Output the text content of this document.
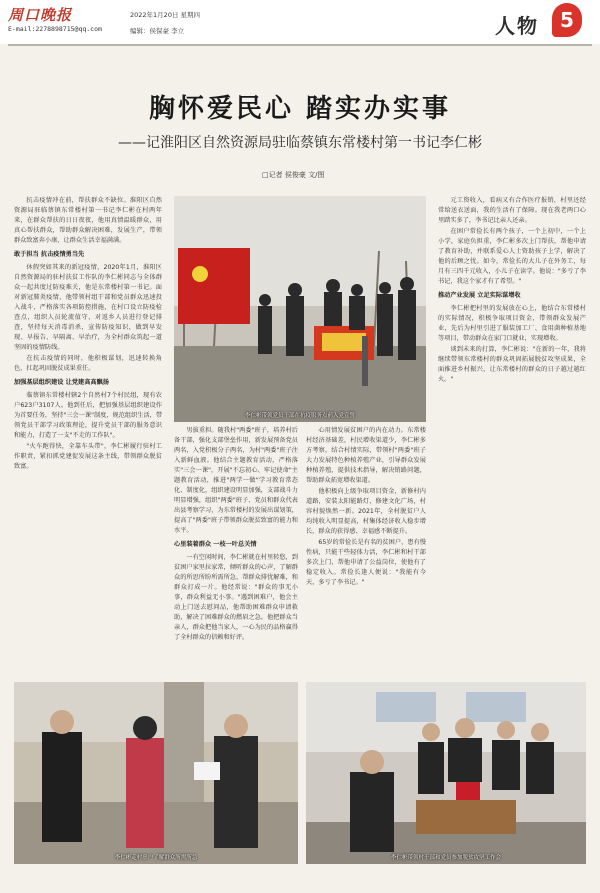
周口晚报
E-mail:2278898715@qq.com
2022年1月20日 星期四
编辑：侯保豪 李立	人物	5
胸怀爱民心 踏实办实事
——记淮阳区自然资源局驻临蔡镇东常楼村第一书记李仁彬
□记者 侯俊豪 文/图

抗击疫情冲在前，帮扶群众不缺位。淮阳区自然资源局驻临蔡镇东常楼村第一书记李仁彬在村两年来，在群众帮扶的日日夜夜，他用真情温暖群众，用真心帮扶群众，帮助群众解决困难，发展生产，带领群众致富奔小康，让群众生活幸福满满。

敢于担当 抗击疫情勇当先

休假突如其来的新冠疫情，2020年1月，淮阳区自然资源局的驻村扶贫工作队的李仁彬同志与全体群众一起共度过防疫难关，他是东常楼村第一书记。面对新冠肺炎疫情，他带领村组干部和党员群众迅速投入战斗，严格落实各项防控措施，在村口设立防疫检查点，组织人员轮流值守，对返乡人员进行登记排查，坚持每天消毒消杀，宣传防疫知识，做到早发现、早报告、早隔离、早治疗，为全村群众筑起一道坚固的疫情防线。

在抗击疫情的同时，他积极谋划，迅速转换角色，扛起巩固脱贫成果重任。

加强基层组织建设 让党建高高飘扬

临蔡镇东常楼村辖2个自然村7个村民组，现有农户623户3107人。他到任后，把加强基层组织建设作为首要任务，坚持"三会一课"制度，规范组织生活，带领党员干部学习政策理论，提升党员干部的服务意识和能力，打造了一支"不走的工作队"。

"火车跑得快，全靠车头带"，李仁彬履行驻村工作职责，紧扣抓党建促发展这条主线，带领群众脱贫致富。

李仁彬带领党员干部在抗疫服务点前入党宣誓

男拔重担。随我村"两委"班子，培养村后备干部，强化支部堡垒作用，新发展预备党员两名，入党积极分子两名，为村"两委"班子注入新鲜血液。他结合主题教育活动，严格落实"三会一课"，开展"不忘初心、牢记使命"主题教育活动，推进"两学一做"学习教育常态化、制度化，组织建设明显加强，支部战斗力明显增强，组织"两委"班子、党员和群众代表出县考察学习，为东常楼村的发展出谋划策，提高了"两委"班子带领群众脱贫致富的能力和水平。

心里装着群众 一枝一叶总关情

一有空闲时间，李仁彬就在村里转悠，到贫困户家里拉家常，倾听群众的心声，了解群众的所思所盼所需所急，帮群众排忧解难，和群众打成一片。他经常说："群众的事无小事，群众利益无小事。"遇到困难户，他会主动上门送去慰问品，他帮助困难群众申请救助，解决了困难群众的燃眉之急。他把群众当亲人，群众把他当家人，一心为民的品格赢得了全村群众的信赖和好评。

心用情发展贫困户的内在动力。东常楼村经济基础差，村民增收渠道少，李仁彬多方考察，结合村情实际，带领村"两委"班子大力发展特色种植养殖产业，引导群众发展种植养殖，提供技术指导，解决销路问题，帮助群众拓宽增收渠道。

他积极向上级争取项目资金，新修村内道路，安装太阳能路灯，修建文化广场，村容村貌焕然一新。2021年，全村脱贫户人均纯收入明显提高，村集体经济收入稳步增长，群众的获得感、幸福感不断提升。

65岁的常俭长是有名的贫困户，患有慢性病，只能干些轻体力活，李仁彬和村干部多次上门，帮他申请了公益岗位，使他有了稳定收入。常俭长逢人便说："我能有今天，多亏了李书记。"

元工资收入，看病又有合作医疗报销，村里还经常给送衣送面，我的生活有了保障。现在我老两口心里踏实多了，李书记比亲人还亲。

在困户常俭长有两个孩子，一个上初中，一个上小学，家庭负担重，李仁彬多次上门帮扶，帮他申请了教育补助，并联系爱心人士资助孩子上学，解决了他的后顾之忧。如今，常俭长的大儿子在外务工，每月有三四千元收入，小儿子在读学。他说："多亏了李书记，我这个家才有了希望。"

推动产业发展 立足实际谋增收

李仁彬把村里的发展放在心上，他结合东常楼村的实际情况，积极争取项目资金，带领群众发展产业，先后为村里引进了服装加工厂、食用菌种植基地等项目，带动群众在家门口就业，实现增收。

谈到未来的打算，李仁彬说："在新的一年，我将继续带领东常楼村的群众巩固拓展脱贫攻坚成果，全面推进乡村振兴，让东常楼村的群众的日子越过越红火。"

李仁彬走村串户了解群众所需所急	李仁彬带领村干部和党员参加脱贫攻坚工作会
